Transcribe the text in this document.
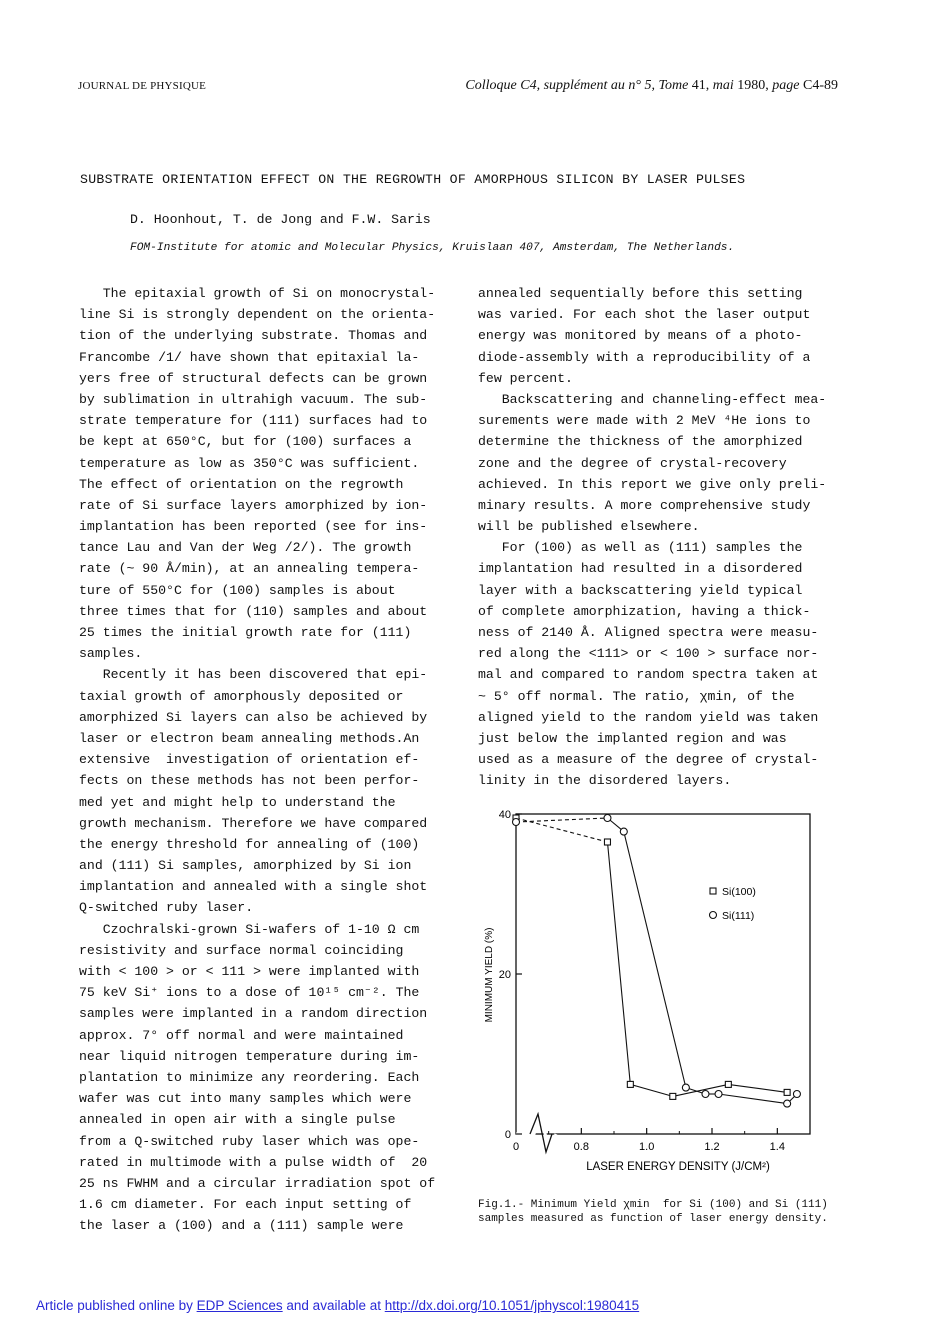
JOURNAL DE PHYSIQUE	Colloque C4, supplément au n° 5, Tome 41, mai 1980, page C4-89
SUBSTRATE ORIENTATION EFFECT ON THE REGROWTH OF AMORPHOUS SILICON BY LASER PULSES
D. Hoonhout, T. de Jong and F.W. Saris
FOM-Institute for atomic and Molecular Physics, Kruislaan 407, Amsterdam, The Netherlands.
The epitaxial growth of Si on monocrystal-
line Si is strongly dependent on the orienta-
tion of the underlying substrate. Thomas and
Francombe /1/ have shown that epitaxial la-
yers free of structural defects can be grown
by sublimation in ultrahigh vacuum. The sub-
strate temperature for (111) surfaces had to
be kept at 650°C, but for (100) surfaces a
temperature as low as 350°C was sufficient.
The effect of orientation on the regrowth
rate of Si surface layers amorphized by ion-
implantation has been reported (see for ins-
tance Lau and Van der Weg /2/). The growth
rate (~ 90 Å/min), at an annealing tempera-
ture of 550°C for (100) samples is about
three times that for (110) samples and about
25 times the initial growth rate for (111)
samples.
Recently it has been discovered that epi-
taxial growth of amorphously deposited or
amorphized Si layers can also be achieved by
laser or electron beam annealing methods.An
extensive  investigation of orientation ef-
fects on these methods has not been perfor-
med yet and might help to understand the
growth mechanism. Therefore we have compared
the energy threshold for annealing of (100)
and (111) Si samples, amorphized by Si ion
implantation and annealed with a single shot
Q-switched ruby laser.
Czochralski-grown Si-wafers of 1-10 Ω cm
resistivity and surface normal coinciding
with < 100 > or < 111 > were implanted with
75 keV Si⁺ ions to a dose of 10¹⁵ cm⁻². The
samples were implanted in a random direction
approx. 7° off normal and were maintained
near liquid nitrogen temperature during im-
plantation to minimize any reordering. Each
wafer was cut into many samples which were
annealed in open air with a single pulse
from a Q-switched ruby laser which was ope-
rated in multimode with a pulse width of  20
25 ns FWHM and a circular irradiation spot of
1.6 cm diameter. For each input setting of
the laser a (100) and a (111) sample were
annealed sequentially before this setting
was varied. For each shot the laser output
energy was monitored by means of a photo-
diode-assembly with a reproducibility of a
few percent.
Backscattering and channeling-effect mea-
surements were made with 2 MeV ⁴He ions to
determine the thickness of the amorphized
zone and the degree of crystal-recovery
achieved. In this report we give only preli-
minary results. A more comprehensive study
will be published elsewhere.
For (100) as well as (111) samples the
implantation had resulted in a disordered
layer with a backscattering yield typical
of complete amorphization, having a thick-
ness of 2140 Å. Aligned spectra were measu-
red along the <111> or < 100 > surface nor-
mal and compared to random spectra taken at
~ 5° off normal. The ratio, χmin, of the
aligned yield to the random yield was taken
just below the implanted region and was
used as a measure of the degree of crystal-
linity in the disordered layers.
0
20
40
0	0.8	1.0	1.2	1.4
Si(100)
Si(111)
LASER ENERGY DENSITY (J/CM²)
MINIMUM YIELD (%)
Fig.1.- Minimum Yield χmin  for Si (100) and Si (111)
samples measured as function of laser energy density.
Article published online by EDP Sciences and available at http://dx.doi.org/10.1051/jphyscol:1980415
